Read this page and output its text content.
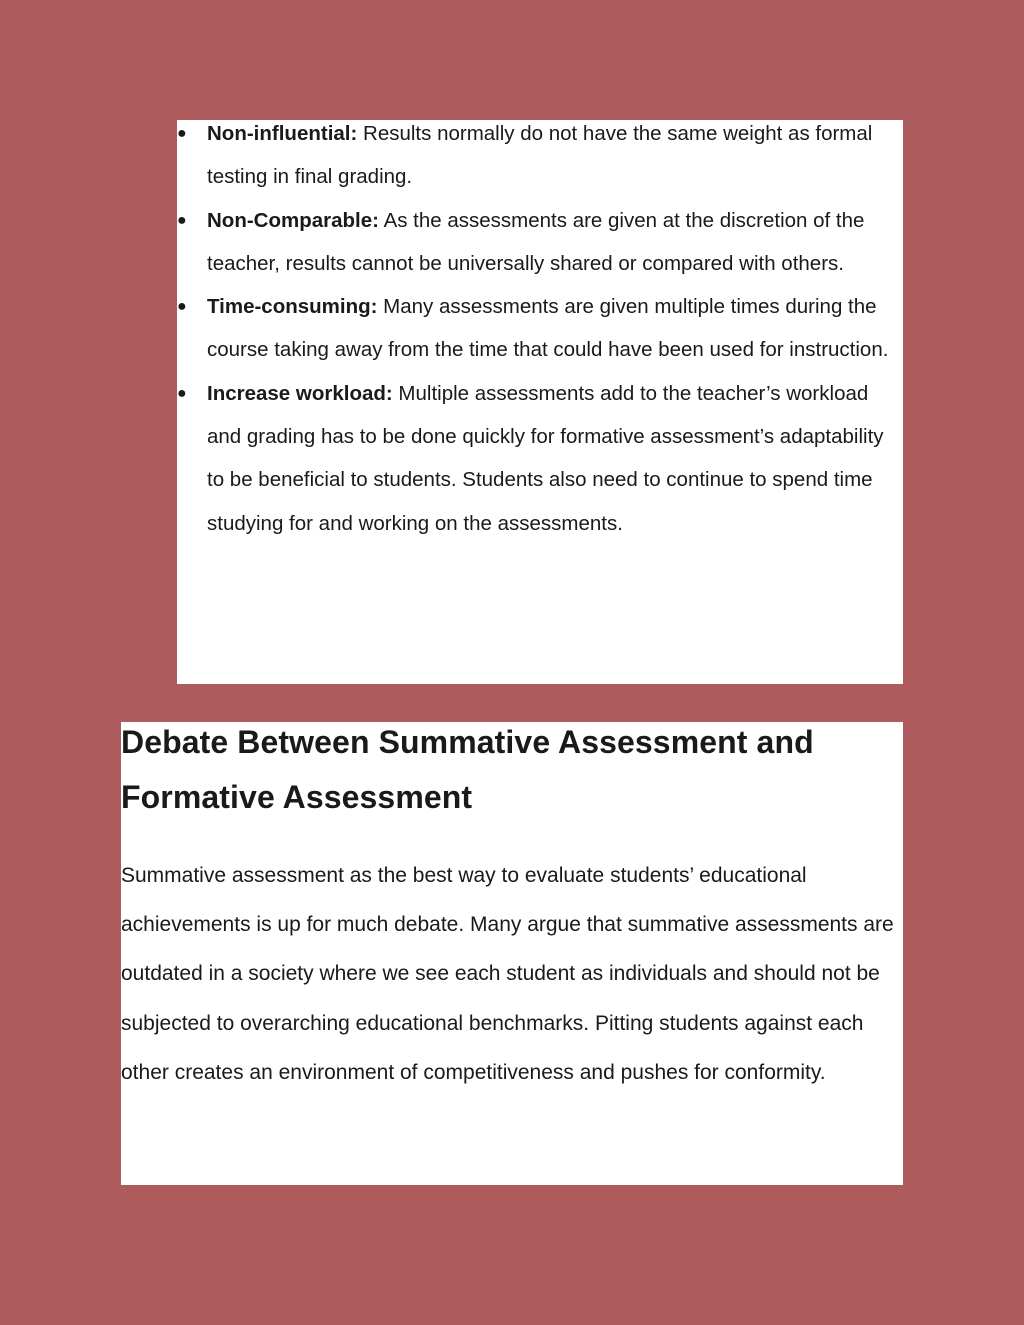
● Non-influential: Results normally do not have the same weight as formal testing in final grading.
● Non-Comparable: As the assessments are given at the discretion of the teacher, results cannot be universally shared or compared with others.
● Time-consuming: Many assessments are given multiple times during the course taking away from the time that could have been used for instruction.
● Increase workload: Multiple assessments add to the teacher’s workload and grading has to be done quickly for formative assessment’s adaptability to be beneficial to students. Students also need to continue to spend time studying for and working on the assessments.
Debate Between Summative Assessment and
Formative Assessment

Summative assessment as the best way to evaluate students’ educational achievements is up for much debate. Many argue that summative assessments are outdated in a society where we see each student as individuals and should not be subjected to overarching educational benchmarks. Pitting students against each other creates an environment of competitiveness and pushes for conformity.
